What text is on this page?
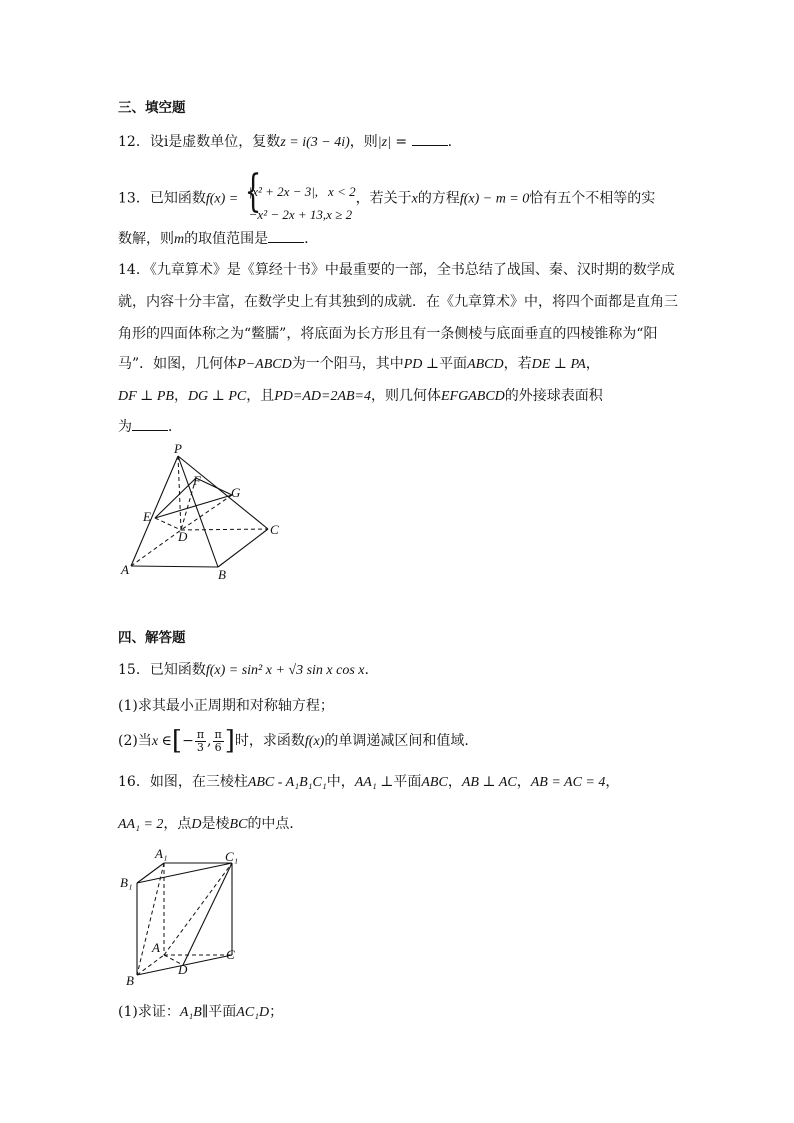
三、填空题
12．设i是虚数单位，复数z = i(3 − 4i)，则|z| =	.
13．已知函数f(x) = {
|x² + 2x − 3|, x < 2
−x² − 2x + 13,x ≥ 2
，若关于x的方程f(x) − m = 0恰有五个不相等的实
数解，则m的取值范围是	.
14．《九章算术》是《算经十书》中最重要的一部，全书总结了战国、秦、汉时期的数学成
就，内容十分丰富，在数学史上有其独到的成就．在《九章算术》中，将四个面都是直角三
角形的四面体称之为“鳖臑”，将底面为长方形且有一条侧棱与底面垂直的四棱锥称为“阳
马”．如图，几何体P−ABCD为一个阳马，其中PD ⊥平面ABCD，若DE ⊥ PA，
DF ⊥ PB，DG ⊥ PC，且PD=AD=2AB=4，则几何体EFGABCD的外接球表面积
为	．
P
F
G
E
D	C
A	B
四、解答题
15．已知函数f(x) = sin² x + √3 sin x cos x.
(1)求其最小正周期和对称轴方程；
(2)当x ∈[− $\frac{\pi}{3}$ , $\frac{\pi}{6}$ ]时，求函数f(x)的单调递减区间和值域.
16．如图，在三棱柱ABC - A₁B₁C₁中，AA₁ ⊥平面ABC，AB ⊥ AC，AB = AC = 4，
AA₁ = 2，点D是棱BC的中点．
A₁	C₁
B₁
A	C
D
B
(1)求证：A₁B∥平面AC₁D；
